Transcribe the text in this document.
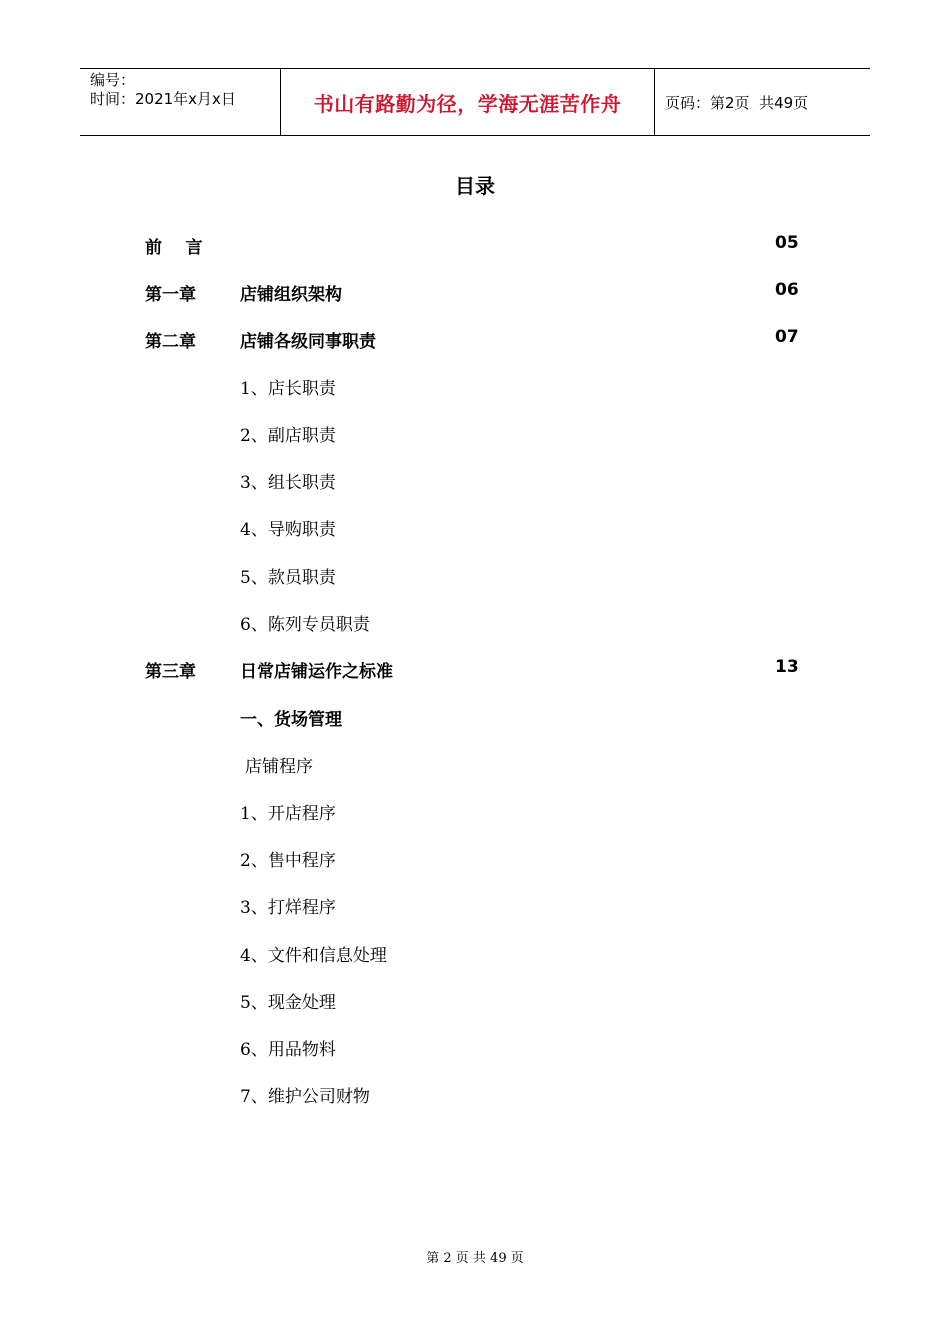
编号：
时间：2021年x月x日	书山有路勤为径，学海无涯苦作舟	页码：第2页  共49页
目录
前    言	05
第一章	店铺组织架构	06
第二章	店铺各级同事职责	07
1、店长职责
2、副店职责
3、组长职责
4、导购职责
5、款员职责
6、陈列专员职责
第三章	日常店铺运作之标准	13
一、货场管理
店铺程序
1、开店程序
2、售中程序
3、打烊程序
4、文件和信息处理
5、现金处理
6、用品物料
7、维护公司财物
第 2 页 共 49 页
